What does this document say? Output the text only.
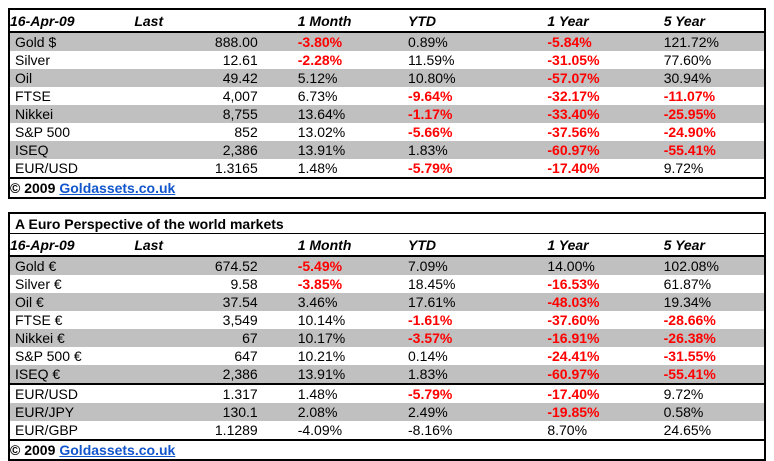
16-Apr-09	Last	1 Month	YTD	1 Year	5 Year
Gold $	888.00	-3.80%	0.89%	-5.84%	121.72%
Silver	12.61	-2.28%	11.59%	-31.05%	77.60%
Oil	49.42	5.12%	10.80%	-57.07%	30.94%
FTSE	4,007	6.73%	-9.64%	-32.17%	-11.07%
Nikkei	8,755	13.64%	-1.17%	-33.40%	-25.95%
S&P 500	852	13.02%	-5.66%	-37.56%	-24.90%
ISEQ	2,386	13.91%	1.83%	-60.97%	-55.41%
EUR/USD	1.3165	1.48%	-5.79%	-17.40%	9.72%
© 2009 Goldassets.co.uk					
A Euro Perspective of the world markets					
16-Apr-09	Last	1 Month	YTD	1 Year	5 Year
Gold €	674.52	-5.49%	7.09%	14.00%	102.08%
Silver €	9.58	-3.85%	18.45%	-16.53%	61.87%
Oil €	37.54	3.46%	17.61%	-48.03%	19.34%
FTSE €	3,549	10.14%	-1.61%	-37.60%	-28.66%
Nikkei €	67	10.17%	-3.57%	-16.91%	-26.38%
S&P 500 €	647	10.21%	0.14%	-24.41%	-31.55%
ISEQ €	2,386	13.91%	1.83%	-60.97%	-55.41%
EUR/USD	1.317	1.48%	-5.79%	-17.40%	9.72%
EUR/JPY	130.1	2.08%	2.49%	-19.85%	0.58%
EUR/GBP	1.1289	-4.09%	-8.16%	8.70%	24.65%
© 2009 Goldassets.co.uk					
